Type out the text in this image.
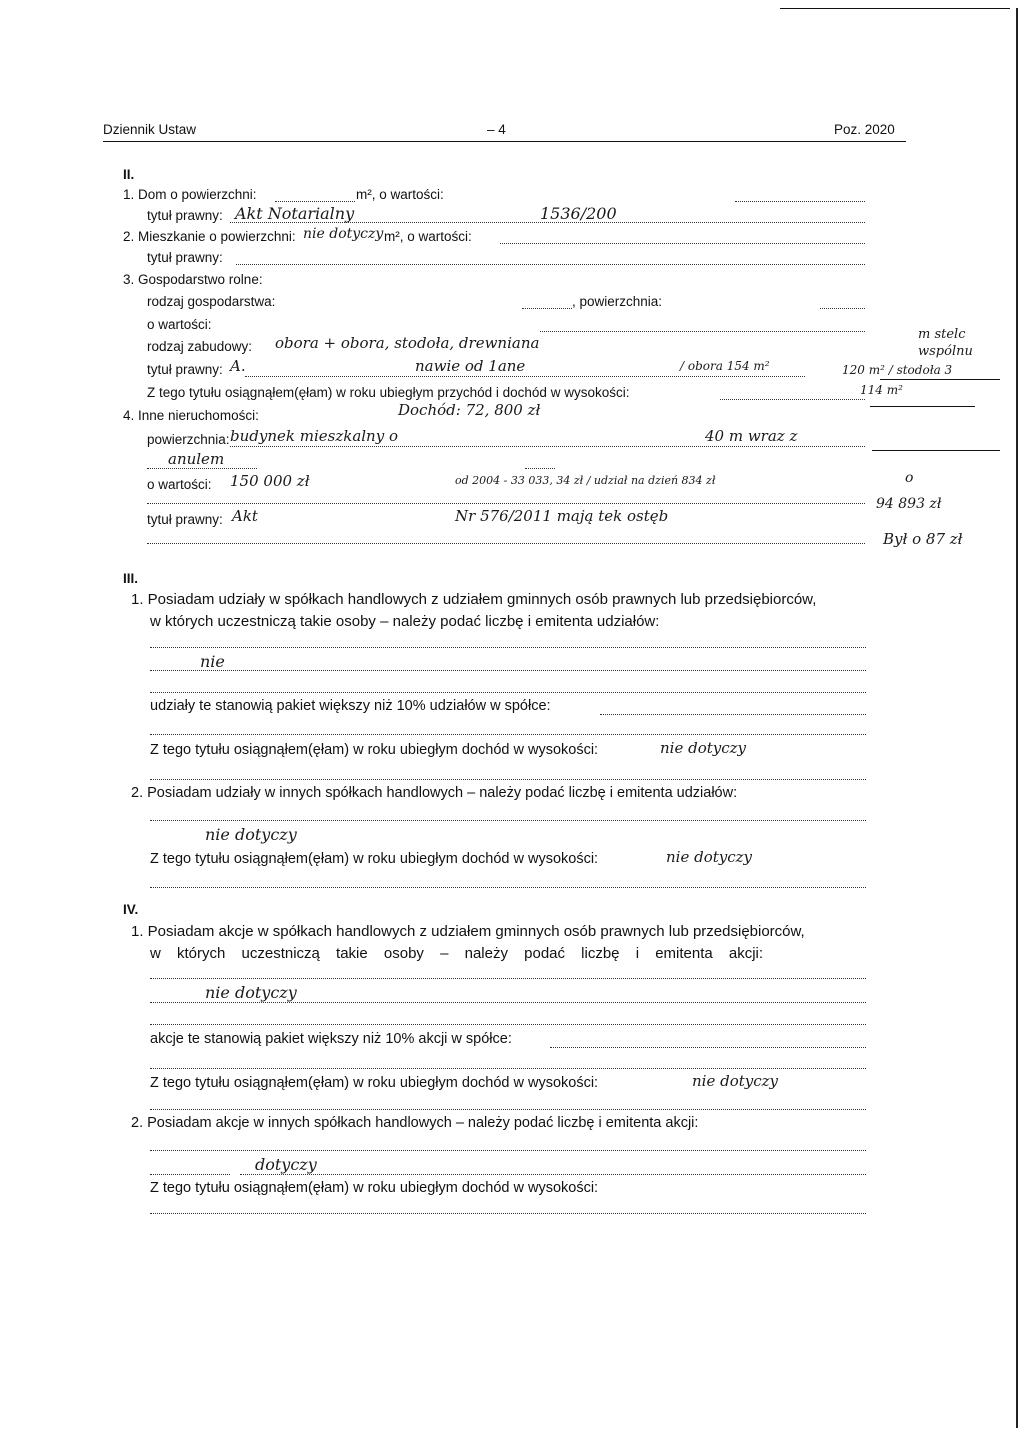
Dziennik Ustaw	– 4	Poz. 2020
II.
1. Dom o powierzchni:	m², o wartości:
tytuł prawny: Akt Notarialny	1536/200
2. Mieszkanie o powierzchni: nie dotyczy m², o wartości:
tytuł prawny:
3. Gospodarstwo rolne:
rodzaj gospodarstwa:	, powierzchnia:
o wartości:
rodzaj zabudowy: obora + obora, stodoła, drewniana
tytuł prawny: A.	nawie od 1ane	/ obora 154 m²
Z tego tytułu osiągnąłem(ęłam) w roku ubiegłym przychód i dochód w wysokości:
m stelc
wspólnu
120 m² / stodoła 3
114 m²
4. Inne nieruchomości:	Dochód: 72, 800 zł
powierzchnia: budynek mieszkalny o	40 m wraz z
anulem
o wartości: 150 000 zł	od 2004 - 33 033, 34 zł / udział na dzień 834 zł	o
94 893 zł
tytuł prawny: Akt	Nr 576/2011 mają tek ostęb
Był o 87 zł
III.
1. Posiadam udziały w spółkach handlowych z udziałem gminnych osób prawnych lub przedsiębiorców,
w których uczestniczą takie osoby – należy podać liczbę i emitenta udziałów:
nie
udziały te stanowią pakiet większy niż 10% udziałów w spółce:
Z tego tytułu osiągnąłem(ęłam) w roku ubiegłym dochód w wysokości:	nie dotyczy
2. Posiadam udziały w innych spółkach handlowych – należy podać liczbę i emitenta udziałów:
nie dotyczy
Z tego tytułu osiągnąłem(ęłam) w roku ubiegłym dochód w wysokości:	nie dotyczy
IV.
1. Posiadam akcje w spółkach handlowych z udziałem gminnych osób prawnych lub przedsiębiorców,
w których uczestniczą takie osoby – należy podać liczbę i emitenta akcji:
nie dotyczy
akcje te stanowią pakiet większy niż 10% akcji w spółce:
Z tego tytułu osiągnąłem(ęłam) w roku ubiegłym dochód w wysokości:	nie dotyczy
2. Posiadam akcje w innych spółkach handlowych – należy podać liczbę i emitenta akcji:
dotyczy
Z tego tytułu osiągnąłem(ęłam) w roku ubiegłym dochód w wysokości:
